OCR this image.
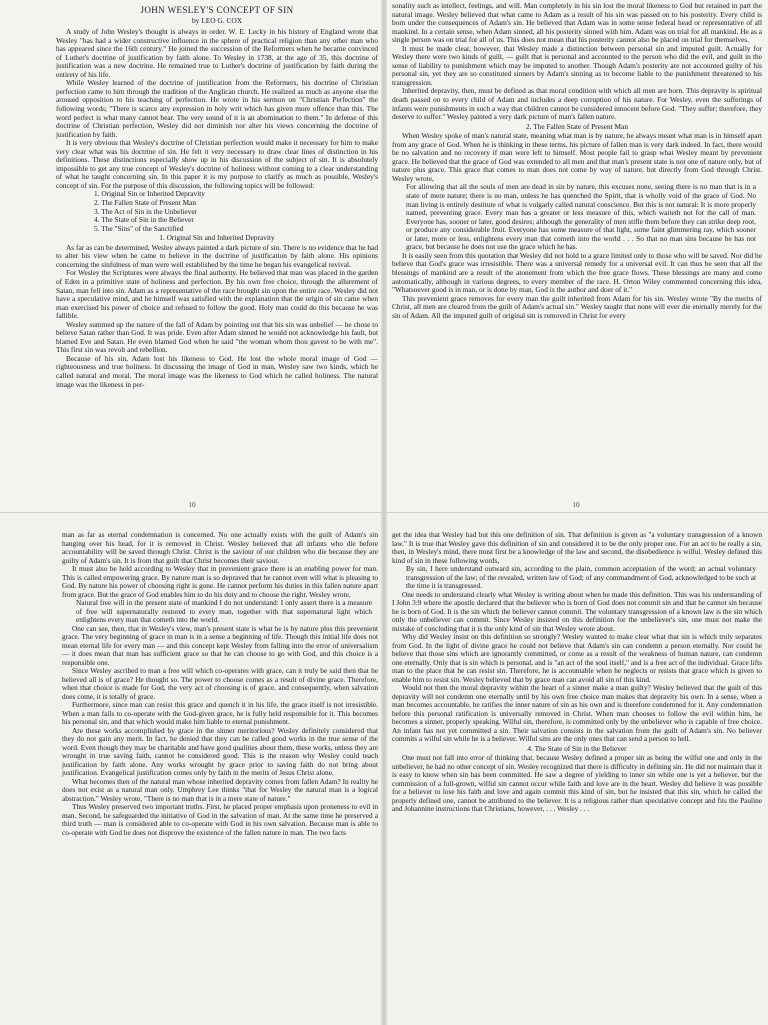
JOHN WESLEY'S CONCEPT OF SIN
by LEO G. COX

A study of John Wesley's thought is always in order. W. E. Lecky in his history of England wrote that Wesley "has had a wider constructive influence in the sphere of practical religion than any other man who has appeared since the 16th century." He joined the succession of the Reformers when he became convinced of Luther's doctrine of justification by faith alone. To Wesley in 1738, at the age of 35, this doctrine of justification was a new doctrine. He remained true to Luther's doctrine of justification by faith during the entirety of his life.

While Wesley learned of the doctrine of justification from the Reformers, his doctrine of Christian perfection came to him through the tradition of the Anglican church. He realized as much as anyone else the aroused opposition to his teaching of perfection. He wrote in his sermon on "Christian Perfection" the following words; "There is scarce any expression in holy writ which has given more offence than this. The word perfect is what many cannot bear. The very sound of it is an abomination to them." In defense of this doctrine of Christian perfection, Wesley did not diminish nor alter his views concerning the doctrine of justification by faith.

It is very obvious that Wesley's doctrine of Christian perfection would make it necessary for him to make very clear what was his doctrine of sin. He felt it very necessary to draw clear lines of distinction in his definitions. These distinctions especially show up in his discussion of the subject of sin. It is absolutely impossible to get any true concept of Wesley's doctrine of holiness without coming to a clear understanding of what he taught concerning sin. In this paper it is my purpose to clarify as much as possible, Wesley's concept of sin. For the purpose of this discussion, the following topics will be followed:

1. Original Sin or Inherited Depravity
2. The Fallen State of Present Man
3. The Act of Sin in the Unbeliever
4. The State of Sin in the Believer
5. The "Sins" of the Sanctified

1. Original Sin and Inherited Depravity

As far as can be determined, Wesley always painted a dark picture of sin. There is no evidence that he had to alter his view when he came to believe in the doctrine of justification by faith alone. His opinions concerning the sinfulness of man were well established by the time he began his evangelical revival.

For Wesley the Scriptures were always the final authority. He believed that man was placed in the garden of Eden in a primitive state of holiness and perfection. By his own free choice, through the allurement of Satan, man fell into sin. Adam as a representative of the race brought sin upon the entire race. Wesley did not have a speculative mind, and he himself was satisfied with the explanation that the origin of sin came when man exercised his power of choice and refused to follow the good. Holy man could do this because he was fallible.

Wesley summed up the nature of the fall of Adam by pointing out that his sin was unbelief — he chose to believe Satan rather than God. It was pride. Even after Adam sinned he would not acknowledge his fault, but blamed Eve and Satan. He even blamed God when he said "the woman whom thou gavest to be with me". This first sin was revolt and rebellion.

Because of his sin, Adam lost his likeness to God. He lost the whole moral image of God — righteousness and true holiness. In discussing the image of God in man, Wesley saw two kinds, which he called natural and moral. The moral image was the likeness to God which he called holiness. The natural image was the likeness in per-

10

sonality such as intellect, feelings, and will. Man completely in his sin lost the moral likeness to God but retained in part the natural image. Wesley believed that what came to Adam as a result of his sin was passed on to his posterity. Every child is born under the consequences of Adam's sin. He believed that Adam was in some sense federal head or representative of all mankind. In a certain sense, when Adam sinned, all his posterity sinned with him. Adam was on trial for all mankind. He as a single person was on trial for all of us. This does not mean that his posterity cannot also be placed on trial for themselves.

It must be made clear, however, that Wesley made a distinction between personal sin and imputed guilt. Actually for Wesley there were two kinds of guilt, — guilt that is personal and accounted to the person who did the evil, and guilt in the sense of liability to punishment which may be imputed to another. Though Adam's posterity are not accounted guilty of his personal sin, yet they are so constituted sinners by Adam's sinning as to become liable to the punishment threatened to his transgression.

Inherited depravity, then, must be defined as that moral condition with which all men are born. This depravity is spiritual death passed on to every child of Adam and includes a deep corruption of his nature. For Wesley, even the sufferings of infants were punishments in such a way that children cannot be considered innocent before God. "They suffer; therefore, they deserve to suffer." Wesley painted a very dark picture of man's fallen nature.

2. The Fallen State of Present Man

When Wesley spoke of man's natural state, meaning what man is by nature, he always meant what man is in himself apart from any grace of God. When he is thinking in these terms, his picture of fallen man is very dark indeed. In fact, there would be no salvation and no recovery if man were left to himself. Most people fail to grasp what Wesley meant by prevenient grace. He believed that the grace of God was extended to all men and that man's present state is not one of nature only, but of nature plus grace. This grace that comes to man does not come by way of nature, but directly from God through Christ. Wesley wrote,

For allowing that all the souls of men are dead in sin by nature, this excuses none, seeing there is no man that is in a state of mere nature; there is no man, unless he has quenched the Spirit, that is wholly void of the grace of God. No man living is entirely destitute of what is vulgarly called natural conscience. But this is not natural: It is more properly named, preventing grace. Every man has a greater or less measure of this, which waiteth not for the call of man. Everyone has, sooner or later, good desires; although the generality of men stifle them before they can strike deep root, or produce any considerable fruit. Everyone has some measure of that light, some faint glimmering ray, which sooner or later, more or less, enlightens every man that cometh into the world . . . So that no man sins because he has not grace, but because he does not use the grace which he has.

It is easily seen from this quotation that Wesley did not hold to a grace limited only to those who will be saved. Nor did he believe that God's grace was irresistible. There was a universal remedy for a universal evil. It can thus be seen that all the blessings of mankind are a result of the atonement from which the free grace flows. These blessings are many and come automatically, although in various degrees, to every member of the race. H. Orton Wiley commented concerning this idea, "Whatsoever good is in man, or is done by man, God is the author and doer of it."

This prevenient grace removes for every man the guilt inherited from Adam for his sin. Wesley wrote "By the merits of Christ, all men are cleared from the guilt of Adam's actual sin." Wesley taught that none will ever die eternally merely for the sin of Adam. All the imputed guilt of original sin is removed in Christ for every

10

man as far as eternal condemnation is concerned. No one actually exists with the guilt of Adam's sin hanging over his head, for it is removed in Christ. Wesley believed that all infants who die before accountability will be saved through Christ. Christ is the saviour of our children who die because they are guilty of Adam's sin. It is from that guilt that Christ becomes their saviour.

It must also be held according to Wesley that in prevenient grace there is an enabling power for man. This is called empowering grace. By nature man is so depraved that he cannot even will what is pleasing to God. By nature his power of choosing right is gone. He cannot perform his duties in this fallen nature apart from grace. But the grace of God enables him to do his duty and to choose the right. Wesley wrote,

Natural free will in the present state of mankind I do not understand: I only assert there is a measure of free will supernaturally restored to every man, together with that supernatural light which enlightens every man that cometh into the world.

One can see, then, that in Wesley's view, man's present state is what he is by nature plus this prevenient grace. The very beginning of grace in man is in a sense a beginning of life. Though this initial life does not mean eternal life for every man — and this concept kept Wesley from falling into the error of universalism — it does mean that man has sufficient grace so that he can choose to go with God, and this choice is a responsible one.

Since Wesley ascribed to man a free will which co-operates with grace, can it truly be said then that he believed all is of grace? He thought so. The power to choose comes as a result of divine grace. Therefore, when that choice is made for God, the very act of choosing is of grace, and consequently, when salvation does come, it is totally of grace.

Furthermore, since man can resist this grace and quench it in his life, the grace itself is not irresistible. When a man fails to co-operate with the God-given grace, he is fully held responsible for it. This becomes his personal sin, and that which would make him liable to eternal punishment.

Are these works accomplished by grace in the sinner meritorious? Wesley definitely considered that they do not gain any merit. In fact, he denied that they can be called good works in the true sense of the word. Even though they may be charitable and have good qualities about them, these works, unless they are wrought in true saving faith, cannot be considered good. This is the reason why Wesley could teach justification by faith alone. Any works wrought by grace prior to saving faith do not bring about justification. Evangelical justification comes only by faith in the merits of Jesus Christ alone.

What becomes then of the natural man whose inherited depravity comes from fallen Adam? In reality he does not exist as a natural man only. Umphrey Lee thinks "that for Wesley the natural man is a logical abstraction." Wesley wrote, "There is no man that is in a mere state of nature."

Thus Wesley preserved two important truths. First, he placed proper emphasis upon proneness to evil in man. Second, he safeguarded the initiative of God in the salvation of man. At the same time he preserved a third truth — man is considered able to co-operate with God in his own salvation. Because man is able to co-operate with God he does not disprove the existence of the fallen nature in man. The two facts

get the idea that Wesley had but this one definition of sin. That definition is given as "a voluntary transgression of a known law." It is true that Wesley gave this definition of sin and considered it to be the only proper one. For an act to be really a sin, then, in Wesley's mind, there must first be a knowledge of the law and second, the disobedience is wilful. Wesley defined this kind of sin in these following words,

By sin, I here understand outward sin, according to the plain, common acceptation of the word; an actual voluntary transgression of the law; of the revealed, written law of God; of any commandment of God, acknowledged to be such at the time it is transgressed.

One needs to understand clearly what Wesley is writing about when he made this definition. This was his understanding of I John 3:9 where the apostle declared that the believer who is born of God does not commit sin and that he cannot sin because he is born of God. It is the sin which the believer cannot commit. The voluntary transgression of a known law is the sin which only the unbeliever can commit. Since Wesley insisted on this definition for the unbeliever's sin, one must not make the mistake of concluding that it is the only kind of sin that Wesley wrote about.

Why did Wesley insist on this definition so strongly? Wesley wanted to make clear what that sin is which truly separates from God. In the light of divine grace he could not believe that Adam's sin can condemn a person eternally. Nor could he believe that those sins which are ignorantly committed, or come as a result of the weakness of human nature, can condemn one eternally. Only that is sin which is personal, and is "an act of the soul itself," and is a free act of the individual. Grace lifts man to the place that he can resist sin. Therefore, he is accountable when he neglects or resists that grace which is given to enable him to resist sin. Wesley believed that by grace man can avoid all sin of this kind.

Would not then the moral depravity within the heart of a sinner make a man guilty? Wesley believed that the guilt of this depravity will not condemn one eternally until by his own free choice man makes that depravity his own. In a sense, when a man becomes accountable, he ratifies the inner nature of sin as his own and is therefore condemned for it. Any condemnation before this personal ratification is universally removed in Christ. When man chooses to follow the evil within him, he becomes a sinner, properly speaking. Wilful sin, therefore, is committed only by the unbeliever who is capable of free choice. An infant has not yet committed a sin. Their salvation consists in the salvation from the guilt of Adam's sin. No believer commits a wilful sin while he is a believer. Wilful sins are the only ones that can send a person to hell.

4. The State of Sin in the Believer

One must not fall into error of thinking that, because Wesley defined a proper sin as being the wilful one and only in the unbeliever, he had no other concept of sin. Wesley recognized that there is difficulty in defining sin. He did not maintain that it is easy to know when sin has been committed. He saw a degree of yielding to inner sin while one is yet a believer, but the commission of a full-grown, wilful sin cannot occur while faith and love are in the heart. Wesley did believe it was possible for a believer to lose his faith and love and again commit this kind of sin, but he insisted that this sin, which he called the properly defined one, cannot be attributed to the believer. It is a religious rather than speculative concept and fits the Pauline and Johannine instructions that Christians, however, . . . Wesley . . .
